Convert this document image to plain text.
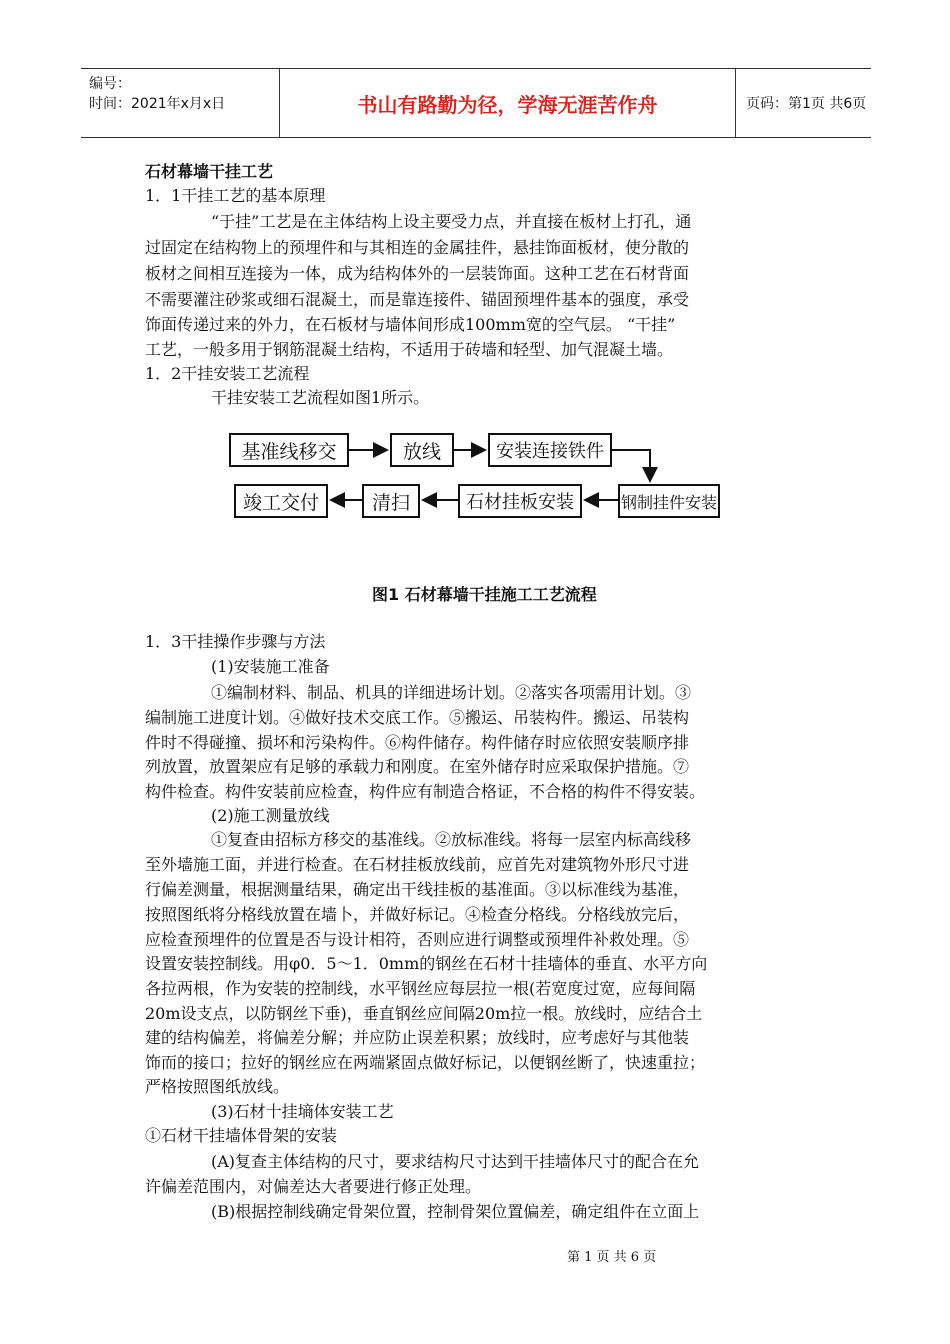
编号：
时间：2021年x月x日	书山有路勤为径，学海无涯苦作舟	页码：第1页 共6页
石材幕墙干挂工艺
1．1干挂工艺的基本原理
“于挂”工艺是在主体结构上设主要受力点，并直接在板材上打孔，通
过固定在结构物上的预埋件和与其相连的金属挂件，悬挂饰面板材，使分散的
板材之间相互连接为一体，成为结构体外的一层装饰面。这种工艺在石材背面
不需要灌注砂浆或细石混凝土，而是靠连接件、锚固预埋件基本的强度，承受
饰面传递过来的外力，在石板材与墙体间形成100mm宽的空气层。 “干挂”
工艺，一般多用于钢筋混凝土结构，不适用于砖墙和轻型、加气混凝土墙。
1．2干挂安装工艺流程
干挂安装工艺流程如图1所示。
基准线移交	放线	安装连接铁件
钢制挂件安装
石材挂板安装
清扫
竣工交付
图1 石材幕墙干挂施工工艺流程
1．3干挂操作步骤与方法
(1)安装施工准备
①编制材料、制品、机具的详细进场计划。②落实各项需用计划。③
编制施工进度计划。④做好技术交底工作。⑤搬运、吊装构件。搬运、吊装构
件时不得碰撞、损坏和污染构件。⑥构件储存。构件储存时应依照安装顺序排
列放置，放置架应有足够的承载力和刚度。在室外储存时应采取保护措施。⑦
构件检查。构件安装前应检查，构件应有制造合格证，不合格的构件不得安装。
(2)施工测量放线
①复查由招标方移交的基准线。②放标准线。将每一层室内标高线移
至外墙施工面，并进行检查。在石材挂板放线前，应首先对建筑物外形尺寸进
行偏差测量，根据测量结果，确定出干线挂板的基准面。③以标准线为基准，
按照图纸将分格线放置在墙卜，并做好标记。④检查分格线。分格线放完后，
应检查预埋件的位置是否与设计相符，否则应进行调整或预埋件补救处理。⑤
设置安装控制线。用φ0．5～1．0mm的钢丝在石材十挂墙体的垂直、水平方向
各拉两根，作为安装的控制线，水平钢丝应每层拉一根(若宽度过宽，应每间隔
20m设支点，以防钢丝下垂)，垂直钢丝应间隔20m拉一根。放线时，应结合土
建的结构偏差，将偏差分解；并应防止误差积累；放线时，应考虑好与其他装
饰而的接口；拉好的钢丝应在两端紧固点做好标记，以便钢丝断了，快速重拉；
严格按照图纸放线。
(3)石材十挂墒体安装工艺
①石材干挂墙体骨架的安装
(A)复查主体结构的尺寸，要求结构尺寸达到干挂墙体尺寸的配合在允
许偏差范围内，对偏差达大者要进行修正处理。
(B)根据控制线确定骨架位置，控制骨架位置偏差，确定组件在立面上
第 1 页 共 6 页
